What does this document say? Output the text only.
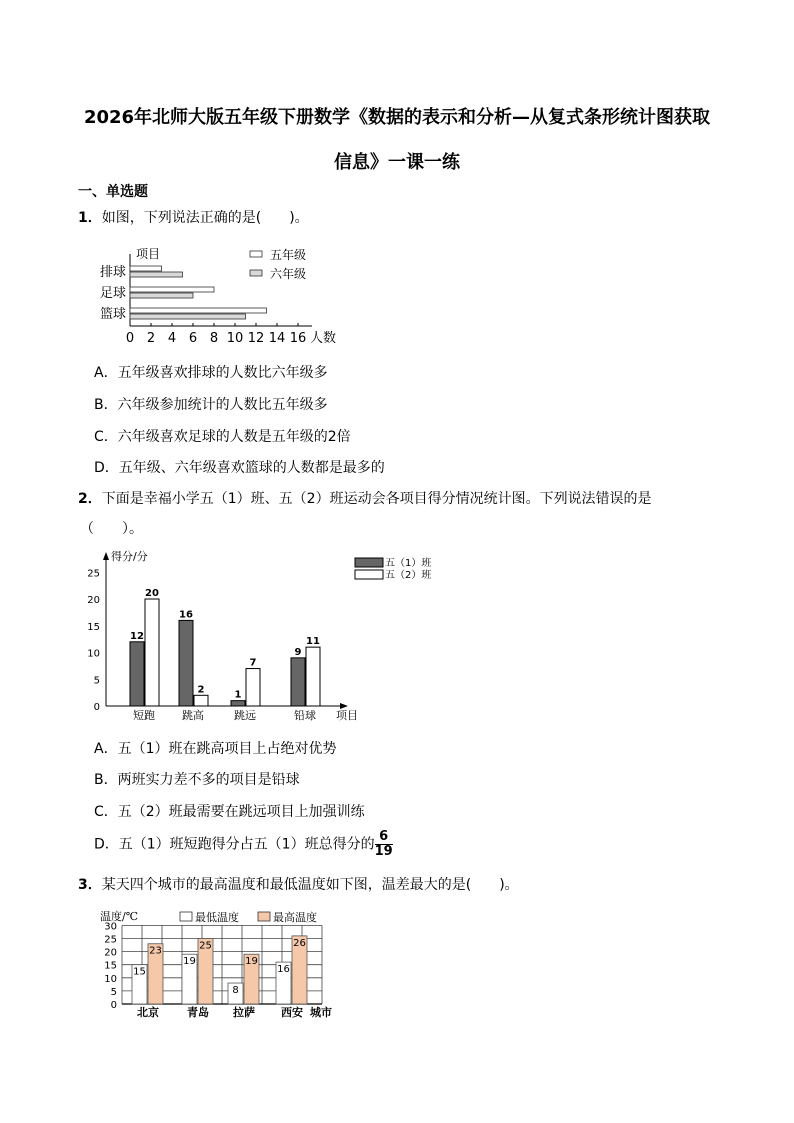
2026年北师大版五年级下册数学《数据的表示和分析—从复式条形统计图获取
信息》一课一练
一、单选题
1．如图，下列说法正确的是(　　)。
项目
0 2 4 6 8 10 12 14 16 人数
排球
足球
篮球
五年级
六年级
A．五年级喜欢排球的人数比六年级多
B．六年级参加统计的人数比五年级多
C．六年级喜欢足球的人数是五年级的2倍
D．五年级、六年级喜欢篮球的人数都是最多的
2．下面是幸福小学五（1）班、五（2）班运动会各项目得分情况统计图。下列说法错误的是
（　　）。
得分/分
项目
0
5
10
15
20
25
短跑
12
20
跳高
16
2
跳远
1
7
铅球
9
11
五（1）班
五（2）班
A．五（1）班在跳高项目上占绝对优势
B．两班实力差不多的项目是铅球
C．五（2）班最需要在跳远项目上加强训练
D．五（1）班短跑得分占五（1）班总得分的 $\frac{6}{19}$
3．某天四个城市的最高温度和最低温度如下图，温差最大的是(　　)。
温度/℃
0
5
10
15
20
25
30
北京
15
23
青岛
19
25
拉萨
8
19
西安
16
26
城市
最低温度	最高温度
